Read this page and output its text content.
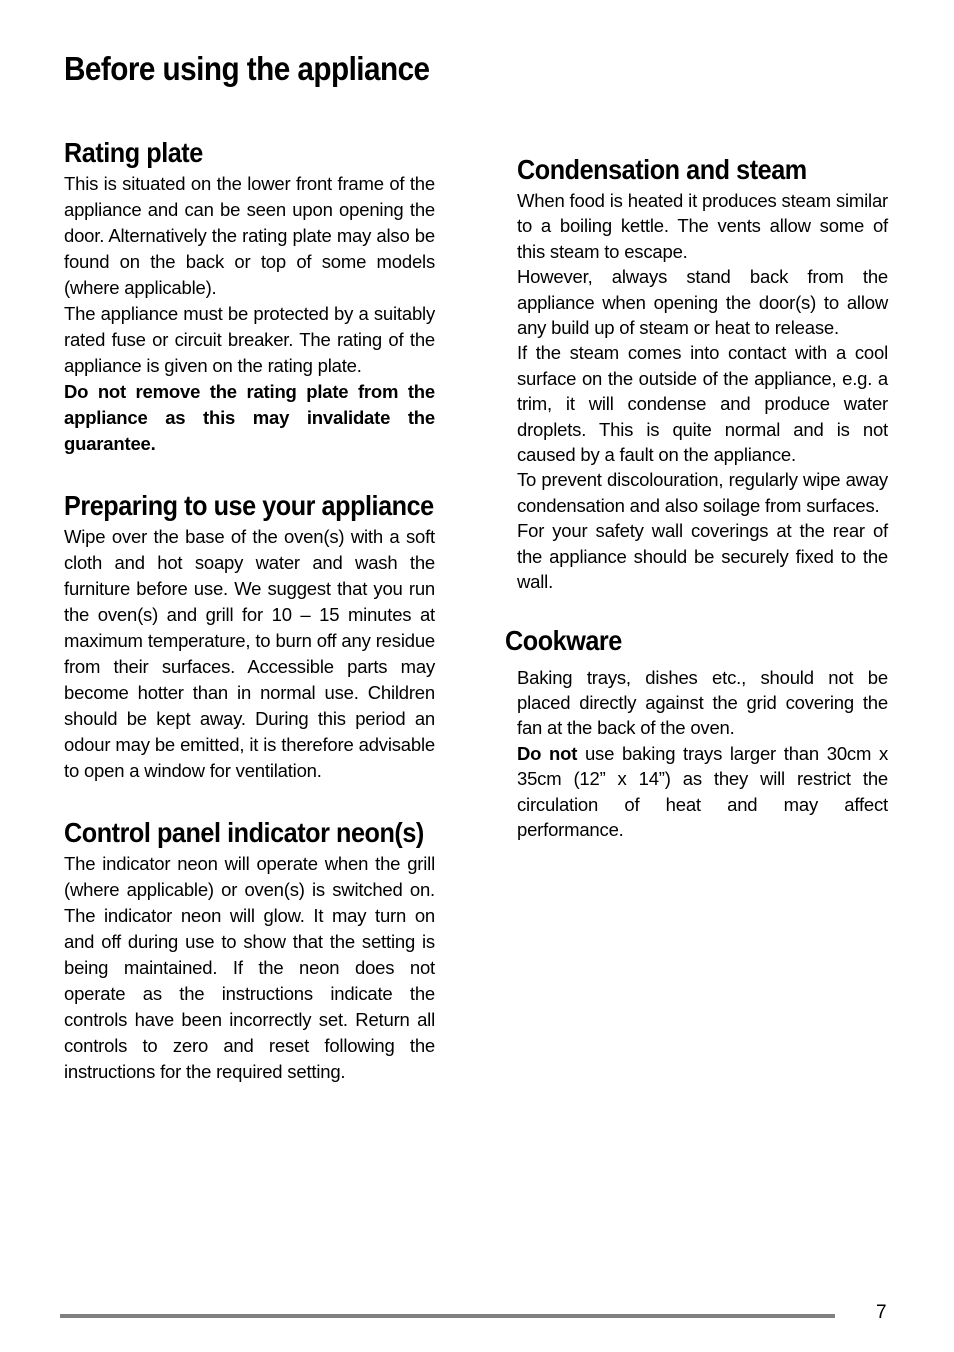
Before using the appliance
Rating plate

This is situated on the lower front frame of the appliance and can be seen upon opening the door. Alternatively the rating plate may also be found on the back or top of some models (where applicable).

The appliance must be protected by a suitably rated fuse or circuit breaker. The rating of the appliance is given on the rating plate.

Do not remove the rating plate from the appliance as this may invalidate the guarantee.

Preparing to use your appliance

Wipe over the base of the oven(s) with a soft cloth and hot soapy water and wash the furniture before use. We suggest that you run the oven(s) and grill for 10 – 15 minutes at maximum temperature, to burn off any residue from their surfaces. Accessible parts may become hotter than in normal use. Children should be kept away. During this period an odour may be emitted, it is therefore advisable to open a window for ventilation.

Control panel indicator neon(s)

The indicator neon will operate when the grill (where applicable) or oven(s) is switched on. The indicator neon will glow. It may turn on and off during use to show that the setting is being maintained. If the neon does not operate as the instructions indicate the controls have been incorrectly set. Return all controls to zero and reset following the instructions for the required setting.

Condensation and steam

When food is heated it produces steam similar to a boiling kettle. The vents allow some of this steam to escape.

However, always stand back from the appliance when opening the door(s) to allow any build up of steam or heat to release.

If the steam comes into contact with a cool surface on the outside of the appliance, e.g. a trim, it will condense and produce water droplets. This is quite normal and is not caused by a fault on the appliance.

To prevent discolouration, regularly wipe away condensation and also soilage from surfaces.

For your safety wall coverings at the rear of the appliance should be securely fixed to the wall.

Cookware

Baking trays, dishes etc., should not be placed directly against the grid covering the fan at the back of the oven.

Do not use baking trays larger than 30cm x 35cm (12” x 14”) as they will restrict the circulation of heat and may affect performance.

7
